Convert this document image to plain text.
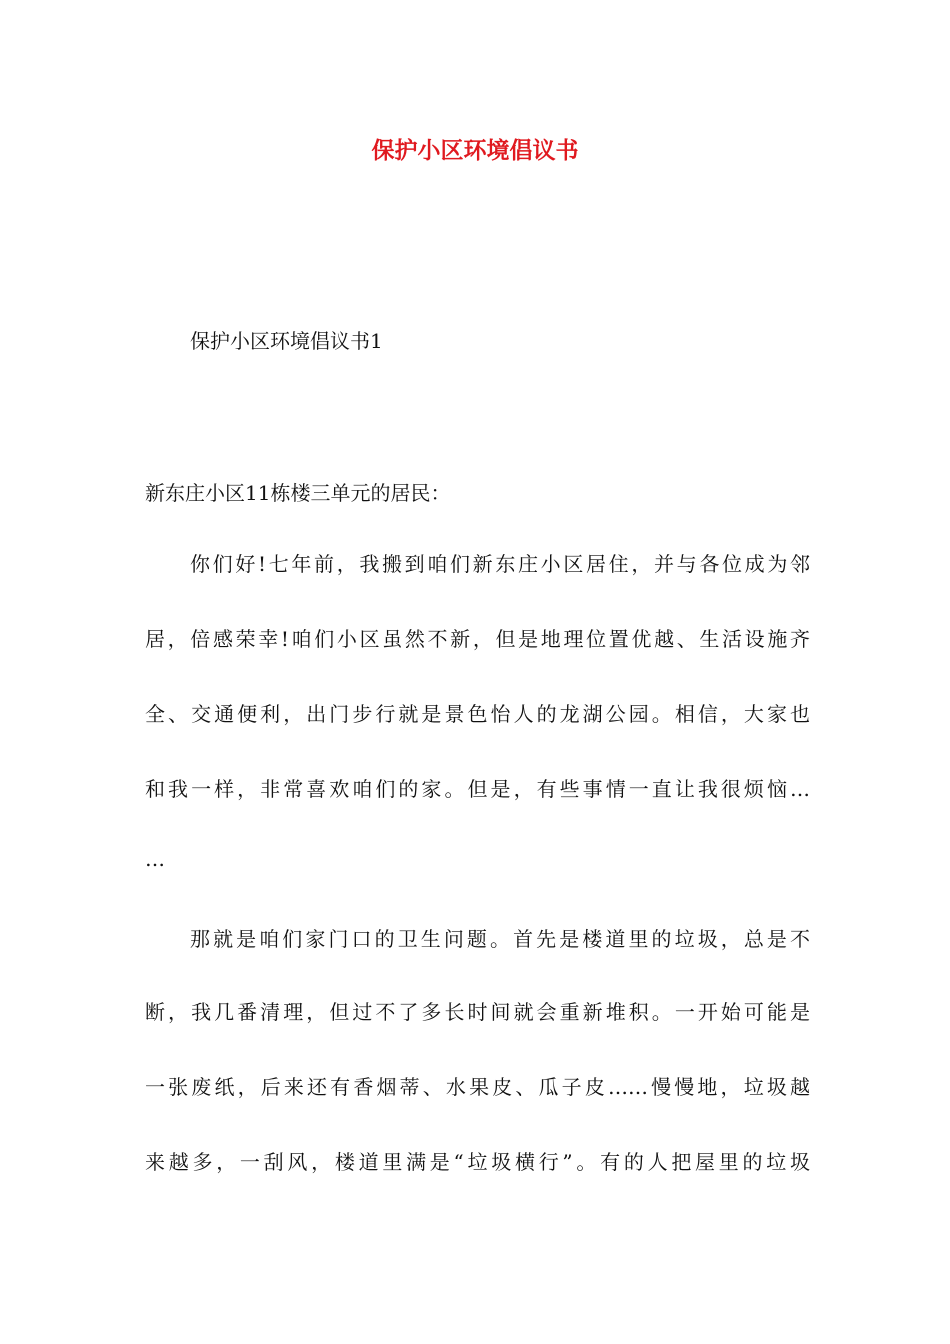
保护小区环境倡议书

保护小区环境倡议书1

新东庄小区11栋楼三单元的居民：

你们好!七年前，我搬到咱们新东庄小区居住，并与各位成为邻

居，倍感荣幸!咱们小区虽然不新，但是地理位置优越、生活设施齐

全、交通便利，出门步行就是景色怡人的龙湖公园。相信，大家也

和我一样，非常喜欢咱们的家。但是，有些事情一直让我很烦恼…

…

那就是咱们家门口的卫生问题。首先是楼道里的垃圾，总是不

断，我几番清理，但过不了多长时间就会重新堆积。一开始可能是

一张废纸，后来还有香烟蒂、水果皮、瓜子皮……慢慢地，垃圾越

来越多，一刮风，楼道里满是“垃圾横行”。有的人把屋里的垃圾
